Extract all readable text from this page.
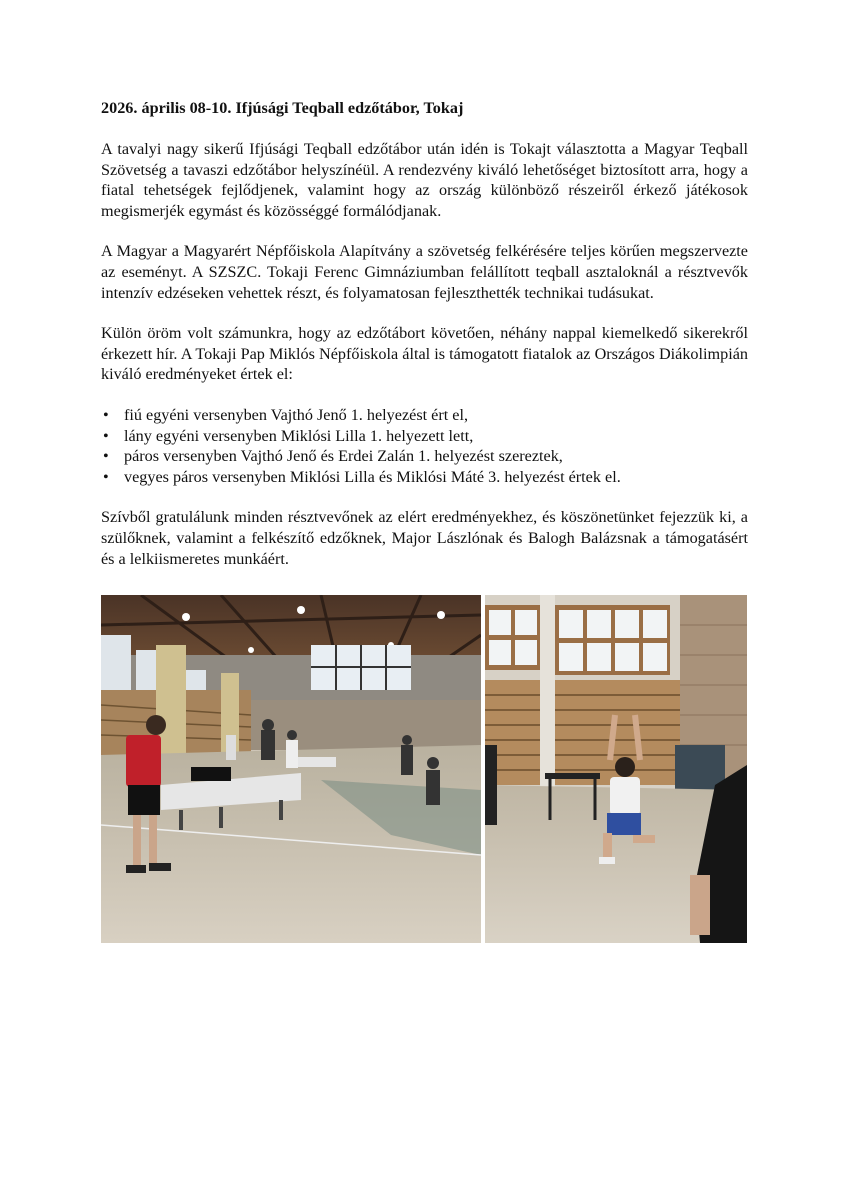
2026. április 08-10. Ifjúsági Teqball edzőtábor, Tokaj

A tavalyi nagy sikerű Ifjúsági Teqball edzőtábor után idén is Tokajt választotta a Magyar Teqball Szövetség a tavaszi edzőtábor helyszínéül. A rendezvény kiváló lehetőséget biztosított arra, hogy a fiatal tehetségek fejlődjenek, valamint hogy az ország különböző részeiről érkező játékosok megismerjék egymást és közösséggé formálódjanak.

A Magyar a Magyarért Népfőiskola Alapítvány a szövetség felkérésére teljes körűen megszervezte az eseményt. A SZSZC. Tokaji Ferenc Gimnáziumban felállított teqball asztaloknál a résztvevők intenzív edzéseken vehettek részt, és folyamatosan fejleszthették technikai tudásukat.

Külön öröm volt számunkra, hogy az edzőtábort követően, néhány nappal kiemelkedő sikerekről érkezett hír. A Tokaji Pap Miklós Népfőiskola által is támogatott fiatalok az Országos Diákolimpián kiváló eredményeket értek el:

• fiú egyéni versenyben Vajthó Jenő 1. helyezést ért el,
• lány egyéni versenyben Miklósi Lilla 1. helyezett lett,
• páros versenyben Vajthó Jenő és Erdei Zalán 1. helyezést szereztek,
• vegyes páros versenyben Miklósi Lilla és Miklósi Máté 3. helyezést értek el.

Szívből gratulálunk minden résztvevőnek az elért eredményekhez, és köszönetünket fejezzük ki, a szülőknek, valamint a felkészítő edzőknek, Major Lászlónak és Balogh Balázsnak a támogatásért és a lelkiismeretes munkáért.
